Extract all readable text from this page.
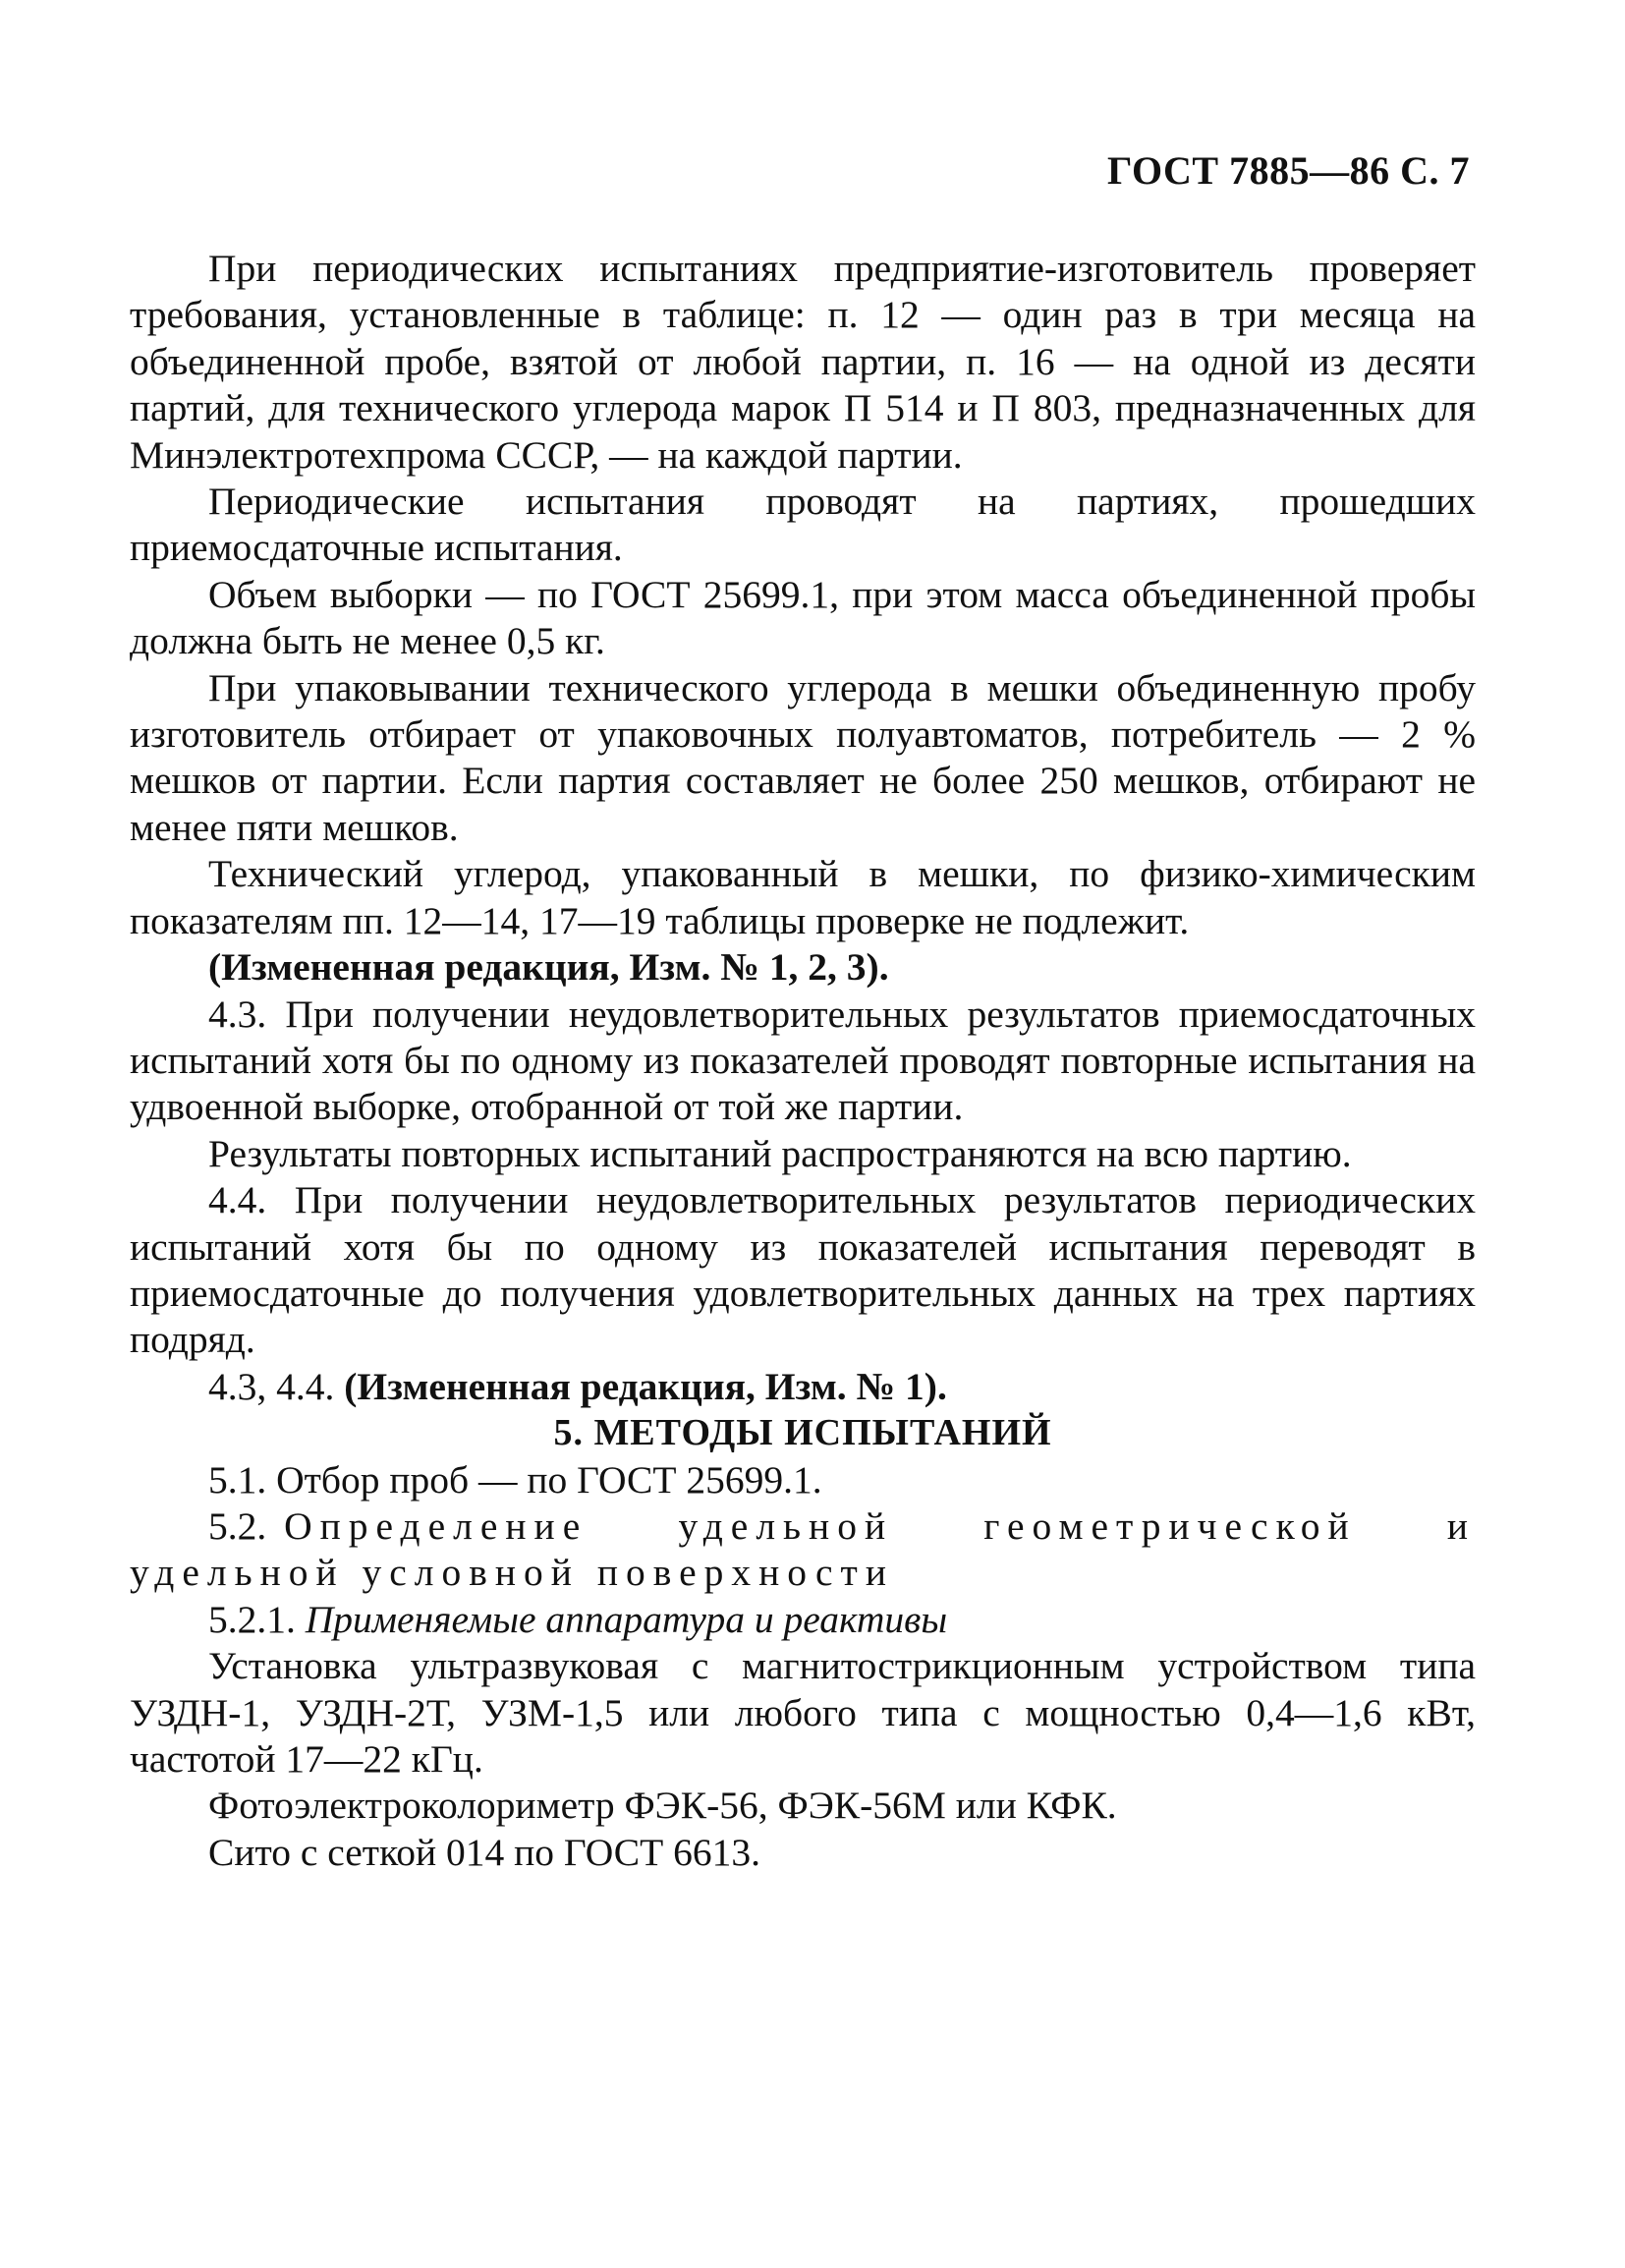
ГОСТ 7885—86 С. 7

При периодических испытаниях предприятие-изготовитель проверяет требования, установленные в таблице: п. 12 — один раз в три месяца на объединенной пробе, взятой от любой партии, п. 16 — на одной из десяти партий, для технического углерода марок П 514 и П 803, предназначенных для Минэлектротехпрома СССР, — на каждой партии.

Периодические испытания проводят на партиях, прошедших приемосдаточные испытания.

Объем выборки — по ГОСТ 25699.1, при этом масса объединенной пробы должна быть не менее 0,5 кг.

При упаковывании технического углерода в мешки объединенную пробу изготовитель отбирает от упаковочных полуавтоматов, потребитель — 2 % мешков от партии. Если партия составляет не более 250 мешков, отбирают не менее пяти мешков.

Технический углерод, упакованный в мешки, по физико-химическим показателям пп. 12—14, 17—19 таблицы проверке не подлежит.

(Измененная редакция, Изм. № 1, 2, 3).

4.3. При получении неудовлетворительных результатов приемосдаточных испытаний хотя бы по одному из показателей проводят повторные испытания на удвоенной выборке, отобранной от той же партии.

Результаты повторных испытаний распространяются на всю партию.

4.4. При получении неудовлетворительных результатов периодических испытаний хотя бы по одному из показателей испытания переводят в приемосдаточные до получения удовлетворительных данных на трех партиях подряд.

4.3, 4.4. (Измененная редакция, Изм. № 1).

5. МЕТОДЫ ИСПЫТАНИЙ

5.1. Отбор проб — по ГОСТ 25699.1.

5.2. Определение	удельной	геометрической	и

удельной условной поверхности

5.2.1. Применяемые аппаратура и реактивы

Установка ультразвуковая с магнитострикционным устройством типа УЗДН-1, УЗДН-2Т, УЗМ-1,5 или любого типа с мощностью 0,4—1,6 кВт, частотой 17—22 кГц.

Фотоэлектроколориметр ФЭК-56, ФЭК-56М или КФК.

Сито с сеткой 014 по ГОСТ 6613.
